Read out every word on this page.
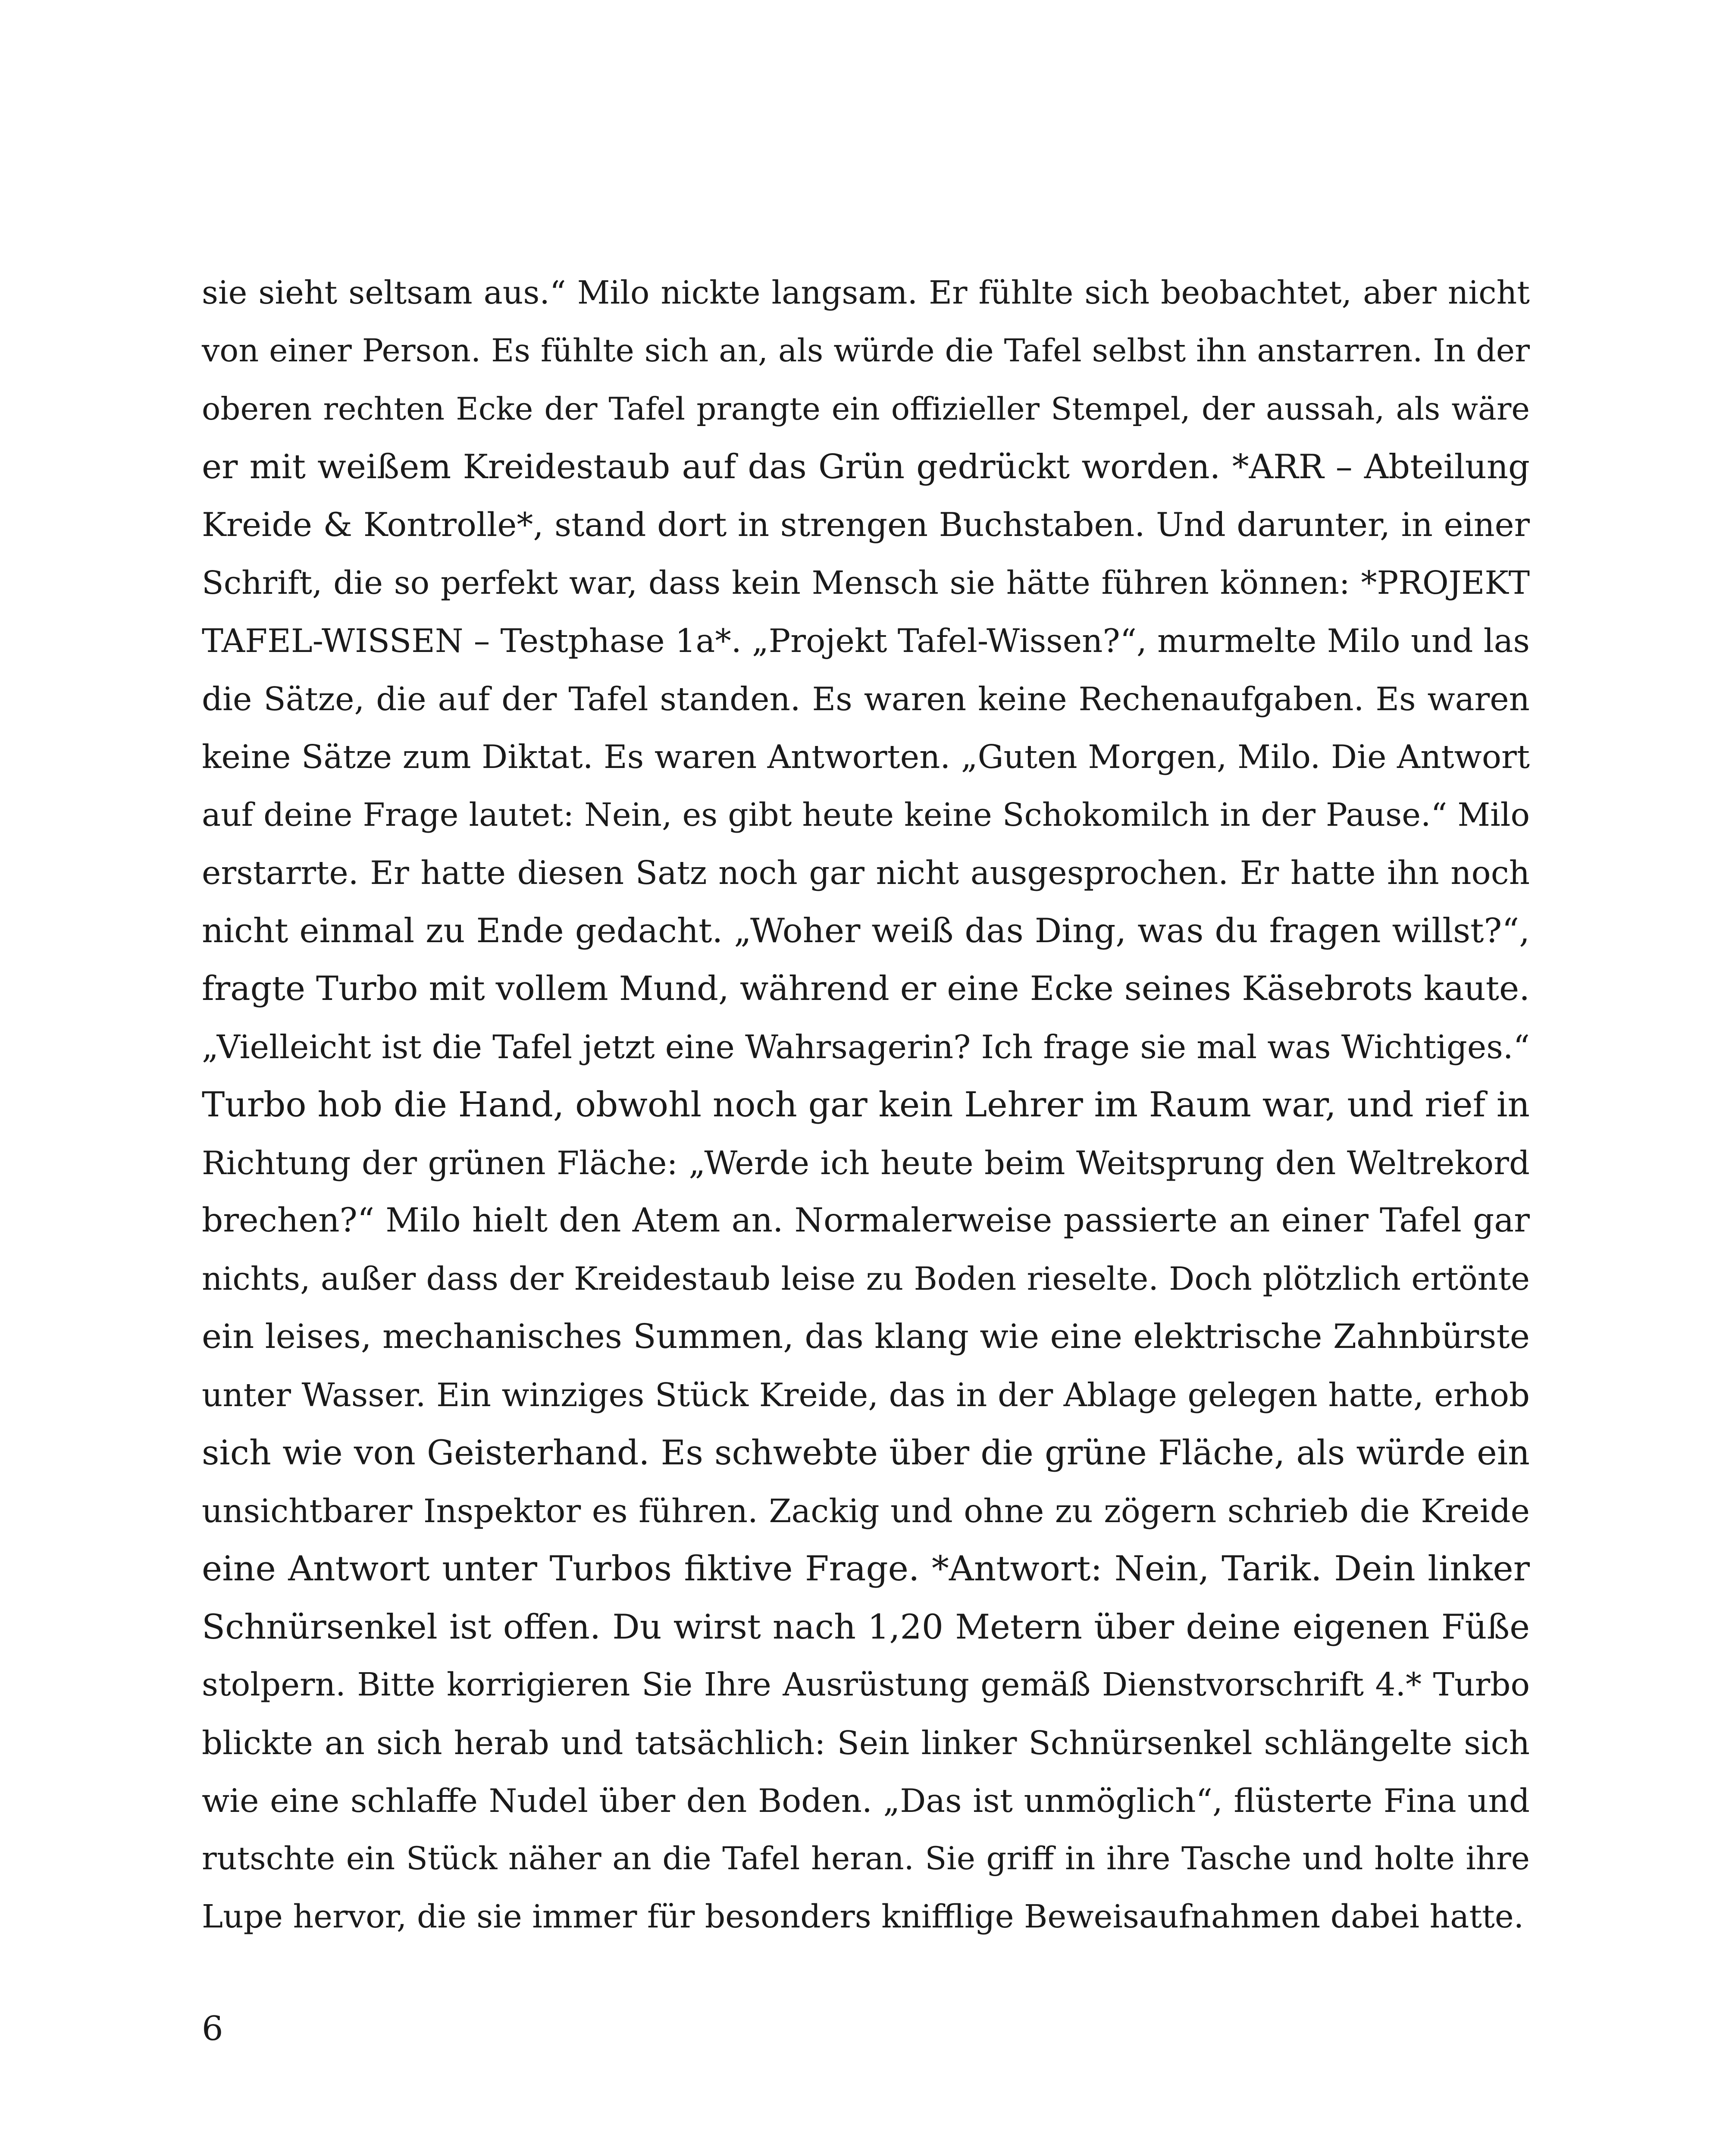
sie sieht seltsam aus.“ Milo nickte langsam. Er fühlte sich beobachtet, aber nicht
von einer Person. Es fühlte sich an, als würde die Tafel selbst ihn anstarren. In der
oberen rechten Ecke der Tafel prangte ein offizieller Stempel, der aussah, als wäre
er mit weißem Kreidestaub auf das Grün gedrückt worden. *ARR – Abteilung
Kreide & Kontrolle*, stand dort in strengen Buchstaben. Und darunter, in einer
Schrift, die so perfekt war, dass kein Mensch sie hätte führen können: *PROJEKT
TAFEL-WISSEN – Testphase 1a*. „Projekt Tafel-Wissen?“, murmelte Milo und las
die Sätze, die auf der Tafel standen. Es waren keine Rechenaufgaben. Es waren
keine Sätze zum Diktat. Es waren Antworten. „Guten Morgen, Milo. Die Antwort
auf deine Frage lautet: Nein, es gibt heute keine Schokomilch in der Pause.“ Milo
erstarrte. Er hatte diesen Satz noch gar nicht ausgesprochen. Er hatte ihn noch
nicht einmal zu Ende gedacht. „Woher weiß das Ding, was du fragen willst?“,
fragte Turbo mit vollem Mund, während er eine Ecke seines Käsebrots kaute.
„Vielleicht ist die Tafel jetzt eine Wahrsagerin? Ich frage sie mal was Wichtiges.“
Turbo hob die Hand, obwohl noch gar kein Lehrer im Raum war, und rief in
Richtung der grünen Fläche: „Werde ich heute beim Weitsprung den Weltrekord
brechen?“ Milo hielt den Atem an. Normalerweise passierte an einer Tafel gar
nichts, außer dass der Kreidestaub leise zu Boden rieselte. Doch plötzlich ertönte
ein leises, mechanisches Summen, das klang wie eine elektrische Zahnbürste
unter Wasser. Ein winziges Stück Kreide, das in der Ablage gelegen hatte, erhob
sich wie von Geisterhand. Es schwebte über die grüne Fläche, als würde ein
unsichtbarer Inspektor es führen. Zackig und ohne zu zögern schrieb die Kreide
eine Antwort unter Turbos fiktive Frage. *Antwort: Nein, Tarik. Dein linker
Schnürsenkel ist offen. Du wirst nach 1,20 Metern über deine eigenen Füße
stolpern. Bitte korrigieren Sie Ihre Ausrüstung gemäß Dienstvorschrift 4.* Turbo
blickte an sich herab und tatsächlich: Sein linker Schnürsenkel schlängelte sich
wie eine schlaffe Nudel über den Boden. „Das ist unmöglich“, flüsterte Fina und
rutschte ein Stück näher an die Tafel heran. Sie griff in ihre Tasche und holte ihre
Lupe hervor, die sie immer für besonders knifflige Beweisaufnahmen dabei hatte.
6
